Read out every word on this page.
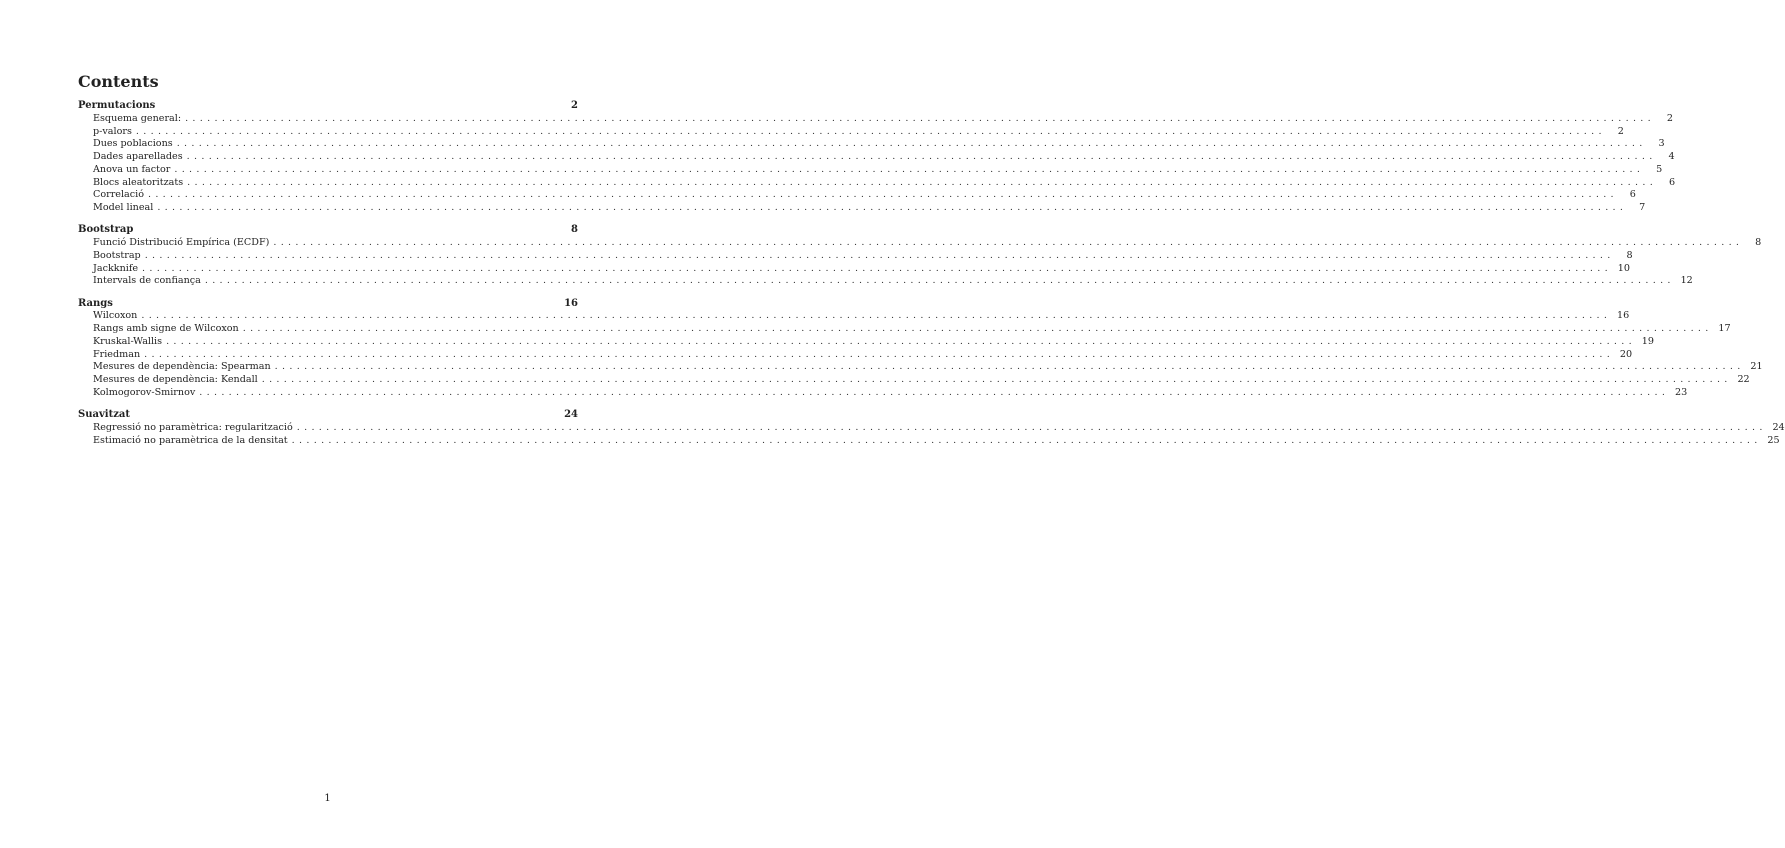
Contents
Permutacions	2
Esquema general: ........................................................................................................................................................................................................	2
p-valors ........................................................................................................................................................................................................	2
Dues poblacions ........................................................................................................................................................................................................	3
Dades aparellades ........................................................................................................................................................................................................	4
Anova un factor ........................................................................................................................................................................................................	5
Blocs aleatoritzats ........................................................................................................................................................................................................	6
Correlació ........................................................................................................................................................................................................	6
Model lineal ........................................................................................................................................................................................................	7
Bootstrap	8
Funció Distribució Empírica (ECDF) ........................................................................................................................................................................................................	8
Bootstrap ........................................................................................................................................................................................................	8
Jackknife ........................................................................................................................................................................................................ 10
Intervals de confiança ........................................................................................................................................................................................................ 12
Rangs	16
Wilcoxon ........................................................................................................................................................................................................ 16
Rangs amb signe de Wilcoxon ........................................................................................................................................................................................................ 17
Kruskal-Wallis ........................................................................................................................................................................................................ 19
Friedman ........................................................................................................................................................................................................ 20
Mesures de dependència: Spearman ........................................................................................................................................................................................................ 21
Mesures de dependència: Kendall ........................................................................................................................................................................................................ 22
Kolmogorov-Smirnov ........................................................................................................................................................................................................ 23
Suavitzat	24
Regressió no paramètrica: regularització ........................................................................................................................................................................................................ 24
Estimació no paramètrica de la densitat ........................................................................................................................................................................................................ 25
1
